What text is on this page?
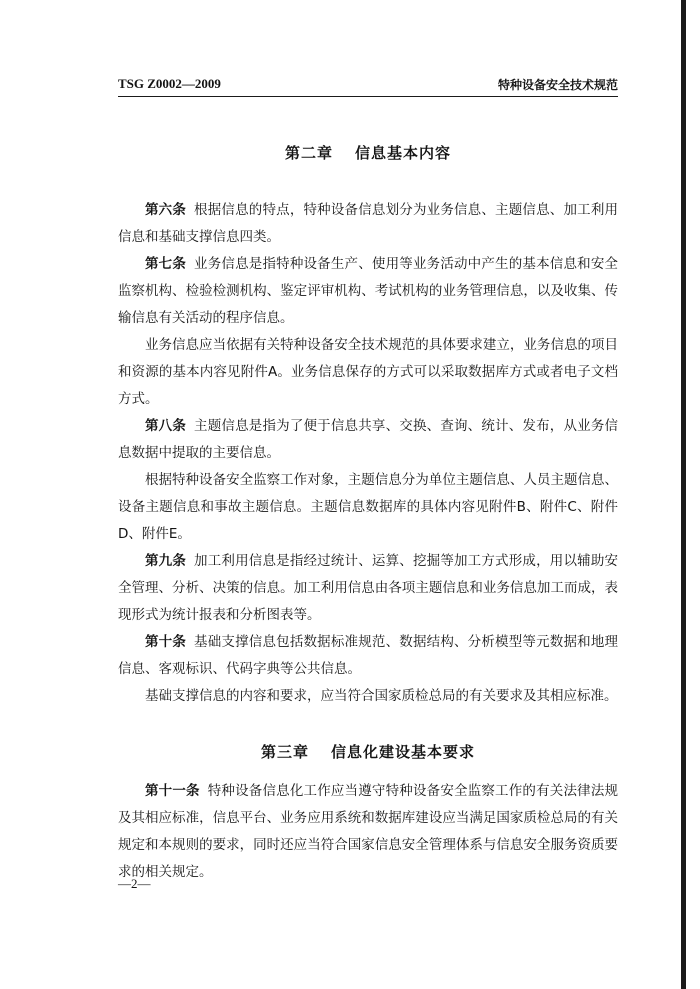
TSG Z0002—2009	特种设备安全技术规范
第二章 信息基本内容

第六条 根据信息的特点，特种设备信息划分为业务信息、主题信息、加工利用信息和基础支撑信息四类。

第七条 业务信息是指特种设备生产、使用等业务活动中产生的基本信息和安全监察机构、检验检测机构、鉴定评审机构、考试机构的业务管理信息，以及收集、传输信息有关活动的程序信息。

业务信息应当依据有关特种设备安全技术规范的具体要求建立，业务信息的项目和资源的基本内容见附件A。业务信息保存的方式可以采取数据库方式或者电子文档方式。

第八条 主题信息是指为了便于信息共享、交换、查询、统计、发布，从业务信息数据中提取的主要信息。

根据特种设备安全监察工作对象，主题信息分为单位主题信息、人员主题信息、设备主题信息和事故主题信息。主题信息数据库的具体内容见附件B、附件C、附件D、附件E。

第九条 加工利用信息是指经过统计、运算、挖掘等加工方式形成，用以辅助安全管理、分析、决策的信息。加工利用信息由各项主题信息和业务信息加工而成，表现形式为统计报表和分析图表等。

第十条 基础支撑信息包括数据标准规范、数据结构、分析模型等元数据和地理信息、客观标识、代码字典等公共信息。

基础支撑信息的内容和要求，应当符合国家质检总局的有关要求及其相应标准。

第三章 信息化建设基本要求

第十一条 特种设备信息化工作应当遵守特种设备安全监察工作的有关法律法规及其相应标准，信息平台、业务应用系统和数据库建设应当满足国家质检总局的有关规定和本规则的要求，同时还应当符合国家信息安全管理体系与信息安全服务资质要求的相关规定。

—2—
